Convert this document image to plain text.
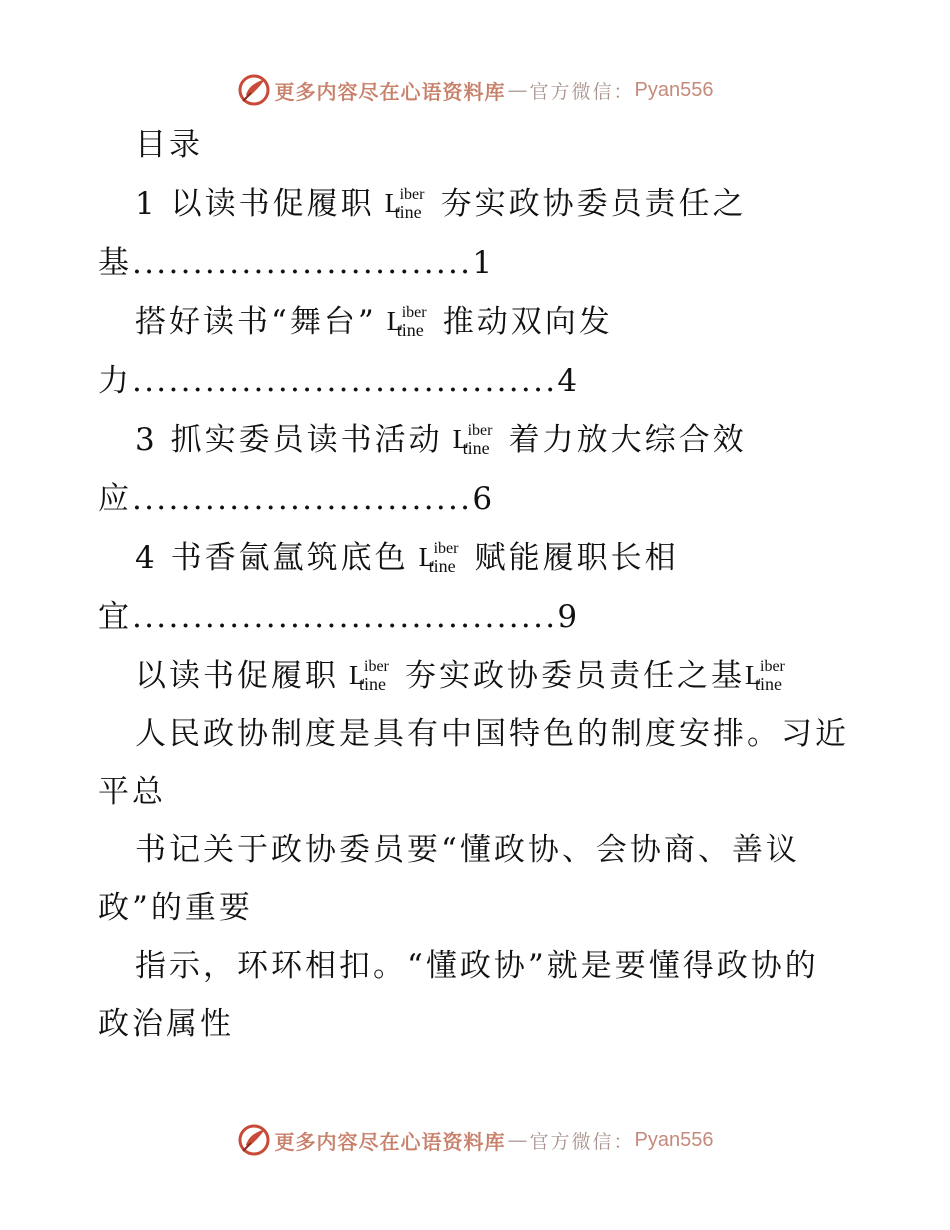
更多内容尽在心语资料库 — 官方微信： Pyan556
目录
1 以读书促履职 L
iber
tine 夯实政协委员责任之
基............................1
搭好读书“舞台” L
iber
tine 推动双向发
力...................................4
3 抓实委员读书活动 L
iber
tine 着力放大综合效
应............................6
4 书香氤氲筑底色 L
iber
tine 赋能履职长相
宜...................................9
以读书促履职 L
iber
tine 夯实政协委员责任之基 L
iber
tine
人民政协制度是具有中国特色的制度安排。习近
平总
书记关于政协委员要“懂政协、会协商、善议
政”的重要
指示，环环相扣。“懂政协”就是要懂得政协的
政治属性
更多内容尽在心语资料库 — 官方微信： Pyan556
